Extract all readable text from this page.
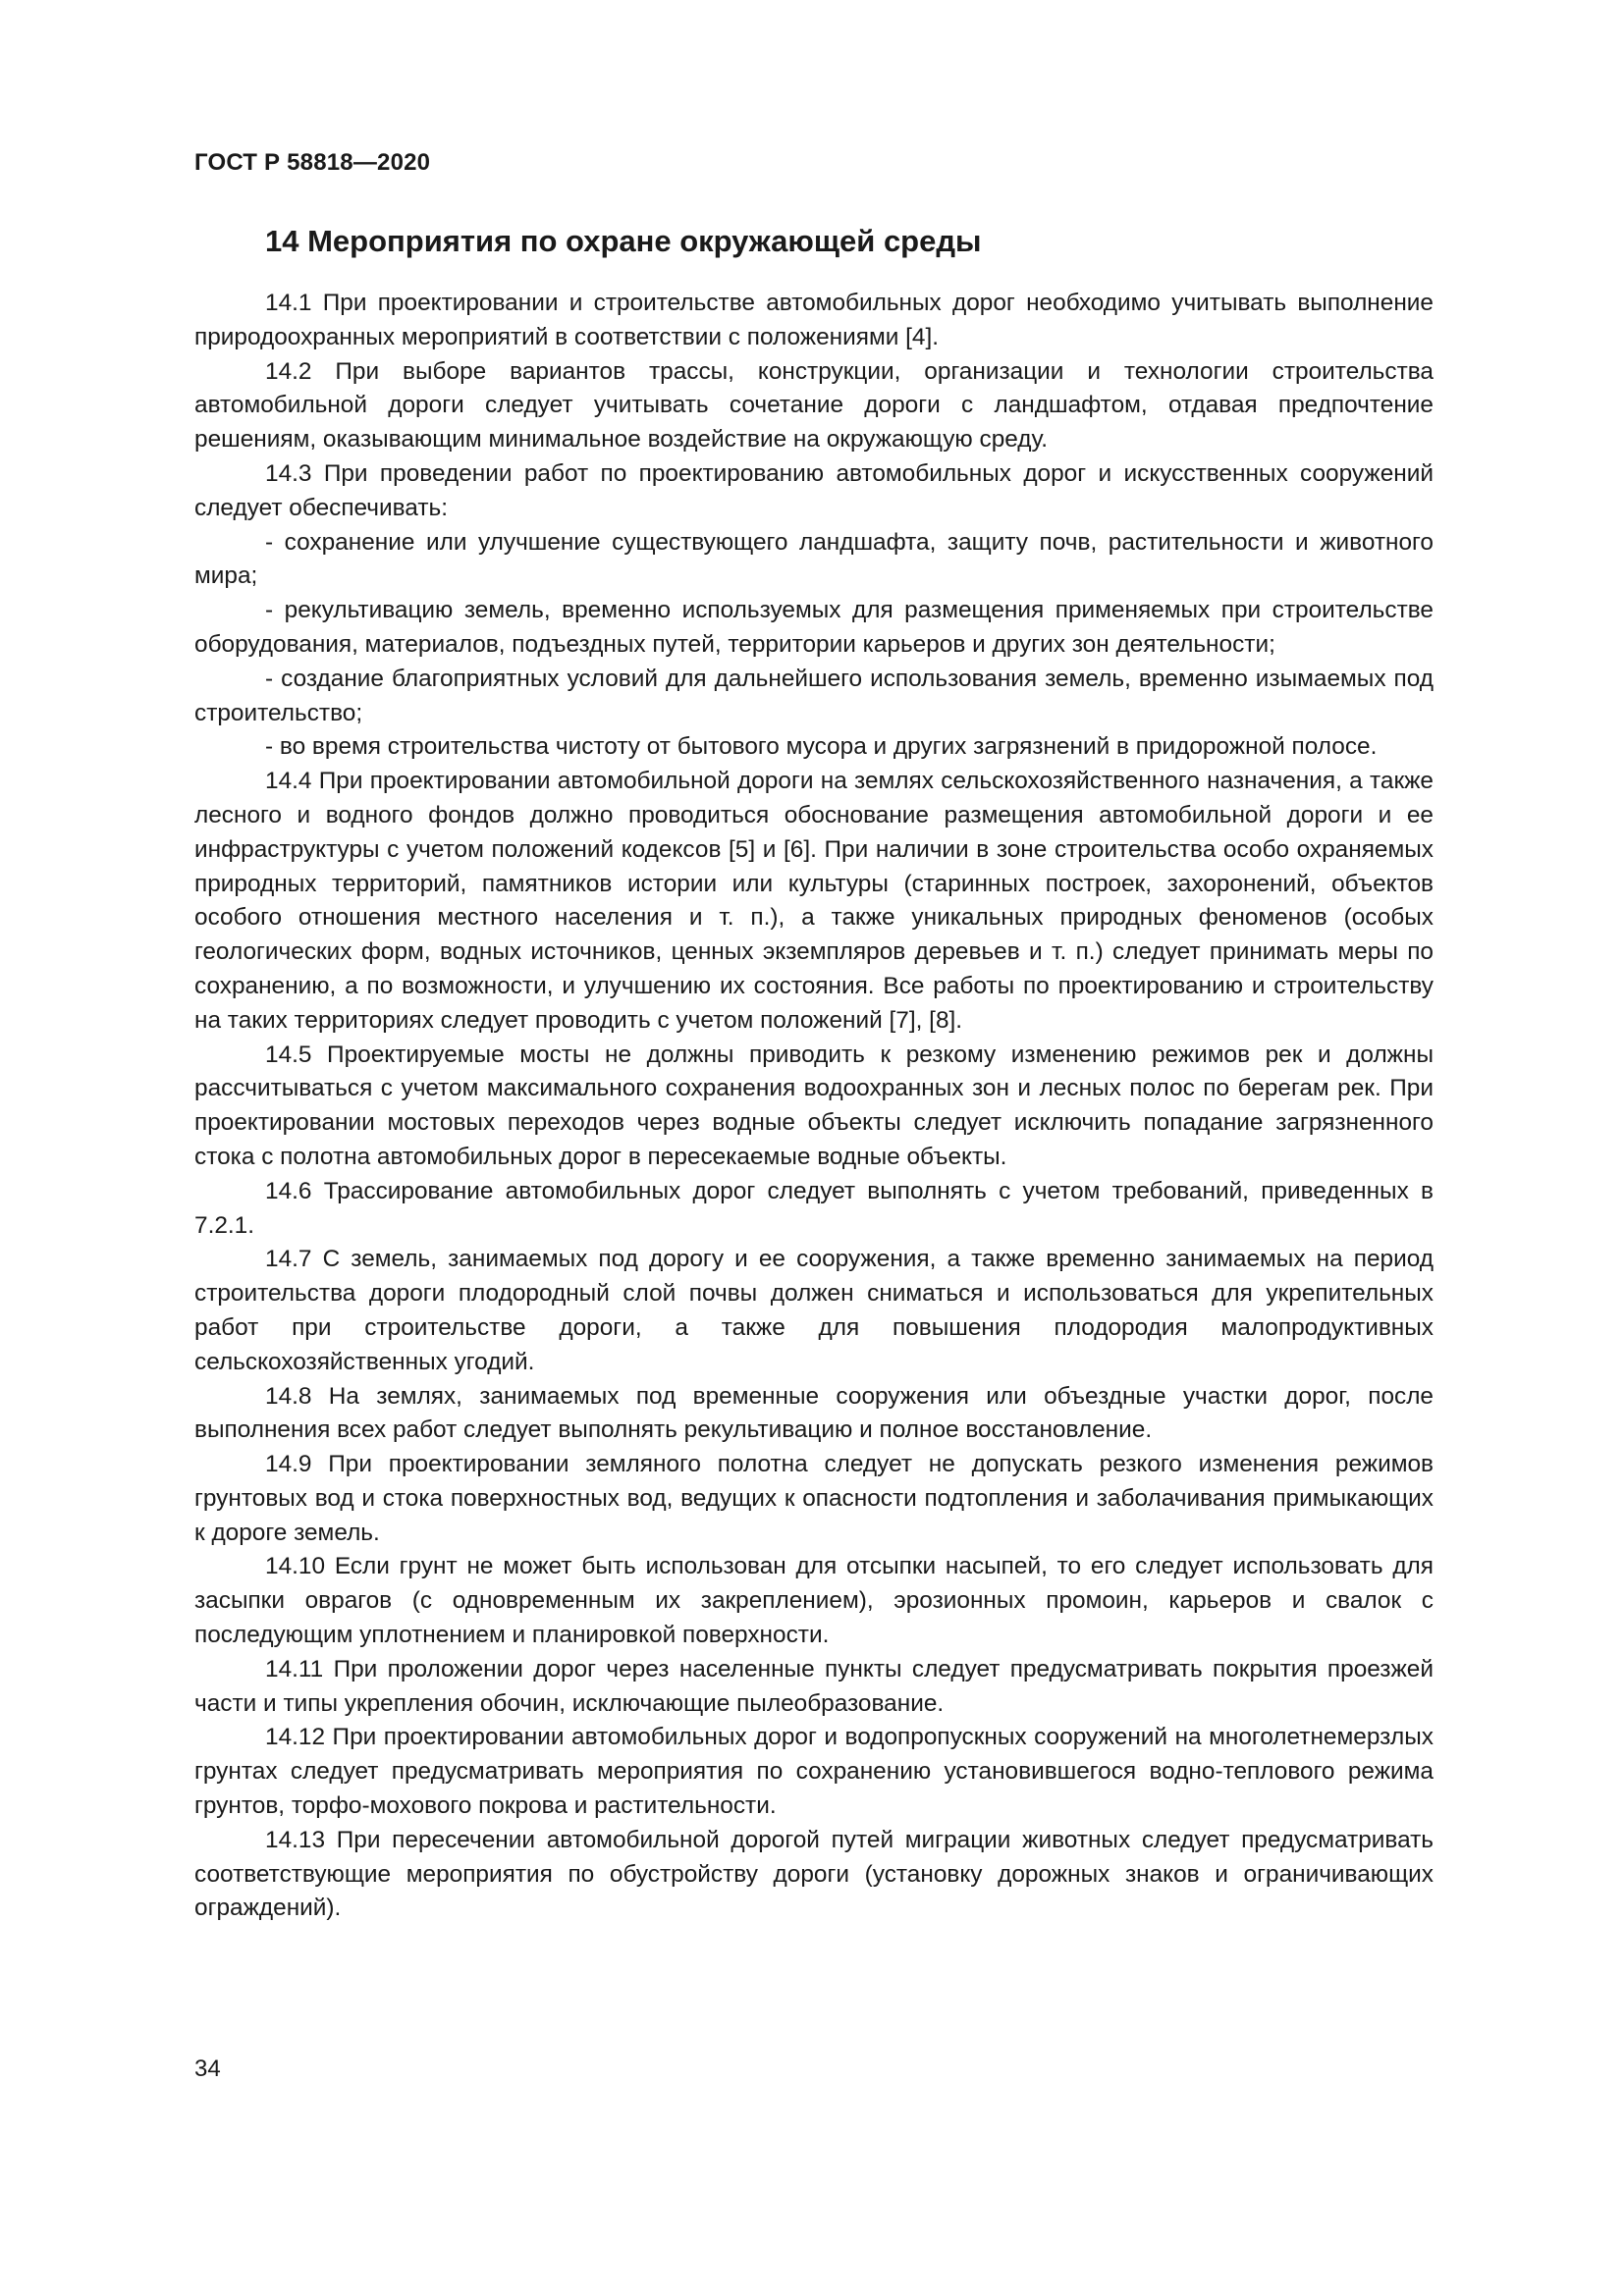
ГОСТ Р 58818—2020
14 Мероприятия по охране окружающей среды

14.1 При проектировании и строительстве автомобильных дорог необходимо учитывать выполнение природоохранных мероприятий в соответствии с положениями [4].

14.2 При выборе вариантов трассы, конструкции, организации и технологии строительства автомобильной дороги следует учитывать сочетание дороги с ландшафтом, отдавая предпочтение решениям, оказывающим минимальное воздействие на окружающую среду.

14.3 При проведении работ по проектированию автомобильных дорог и искусственных сооружений следует обеспечивать:

- сохранение или улучшение существующего ландшафта, защиту почв, растительности и животного мира;

- рекультивацию земель, временно используемых для размещения применяемых при строительстве оборудования, материалов, подъездных путей, территории карьеров и других зон деятельности;

- создание благоприятных условий для дальнейшего использования земель, временно изымаемых под строительство;

- во время строительства чистоту от бытового мусора и других загрязнений в придорожной полосе.

14.4 При проектировании автомобильной дороги на землях сельскохозяйственного назначения, а также лесного и водного фондов должно проводиться обоснование размещения автомобильной дороги и ее инфраструктуры с учетом положений кодексов [5] и [6]. При наличии в зоне строительства особо охраняемых природных территорий, памятников истории или культуры (старинных построек, захоронений, объектов особого отношения местного населения и т. п.), а также уникальных природных феноменов (особых геологических форм, водных источников, ценных экземпляров деревьев и т. п.) следует принимать меры по сохранению, а по возможности, и улучшению их состояния. Все работы по проектированию и строительству на таких территориях следует проводить с учетом положений [7], [8].

14.5 Проектируемые мосты не должны приводить к резкому изменению режимов рек и должны рассчитываться с учетом максимального сохранения водоохранных зон и лесных полос по берегам рек. При проектировании мостовых переходов через водные объекты следует исключить попадание загрязненного стока с полотна автомобильных дорог в пересекаемые водные объекты.

14.6 Трассирование автомобильных дорог следует выполнять с учетом требований, приведенных в 7.2.1.

14.7 С земель, занимаемых под дорогу и ее сооружения, а также временно занимаемых на период строительства дороги плодородный слой почвы должен сниматься и использоваться для укрепительных работ при строительстве дороги, а также для повышения плодородия малопродуктивных сельскохозяйственных угодий.

14.8 На землях, занимаемых под временные сооружения или объездные участки дорог, после выполнения всех работ следует выполнять рекультивацию и полное восстановление.

14.9 При проектировании земляного полотна следует не допускать резкого изменения режимов грунтовых вод и стока поверхностных вод, ведущих к опасности подтопления и заболачивания примыкающих к дороге земель.

14.10 Если грунт не может быть использован для отсыпки насыпей, то его следует использовать для засыпки оврагов (с одновременным их закреплением), эрозионных промоин, карьеров и свалок с последующим уплотнением и планировкой поверхности.

14.11 При проложении дорог через населенные пункты следует предусматривать покрытия проезжей части и типы укрепления обочин, исключающие пылеобразование.

14.12 При проектировании автомобильных дорог и водопропускных сооружений на многолетнемерзлых грунтах следует предусматривать мероприятия по сохранению установившегося водно-теплового режима грунтов, торфо-мохового покрова и растительности.

14.13 При пересечении автомобильной дорогой путей миграции животных следует предусматривать соответствующие мероприятия по обустройству дороги (установку дорожных знаков и ограничивающих ограждений).

34
